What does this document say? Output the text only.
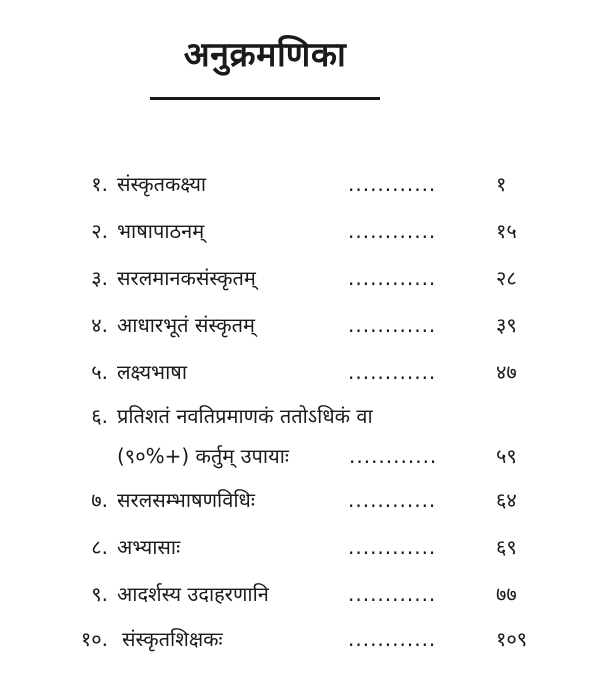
अनुक्रमणिका
१. संस्कृतकक्ष्या	............	१
२. भाषापाठनम्	............	१५
३. सरलमानकसंस्कृतम्	............	२८
४. आधारभूतं संस्कृतम्	............	३९
५. लक्ष्यभाषा	............	४७
६. प्रतिशतं नवतिप्रमाणकं ततोऽधिकं वा
(९०%+) कर्तुम् उपायाः	............	५९
७. सरलसम्भाषणविधिः	............	६४
८. अभ्यासाः	............	६९
९. आदर्शस्य उदाहरणानि	............	७७
१०. संस्कृतशिक्षकः	............	१०९
